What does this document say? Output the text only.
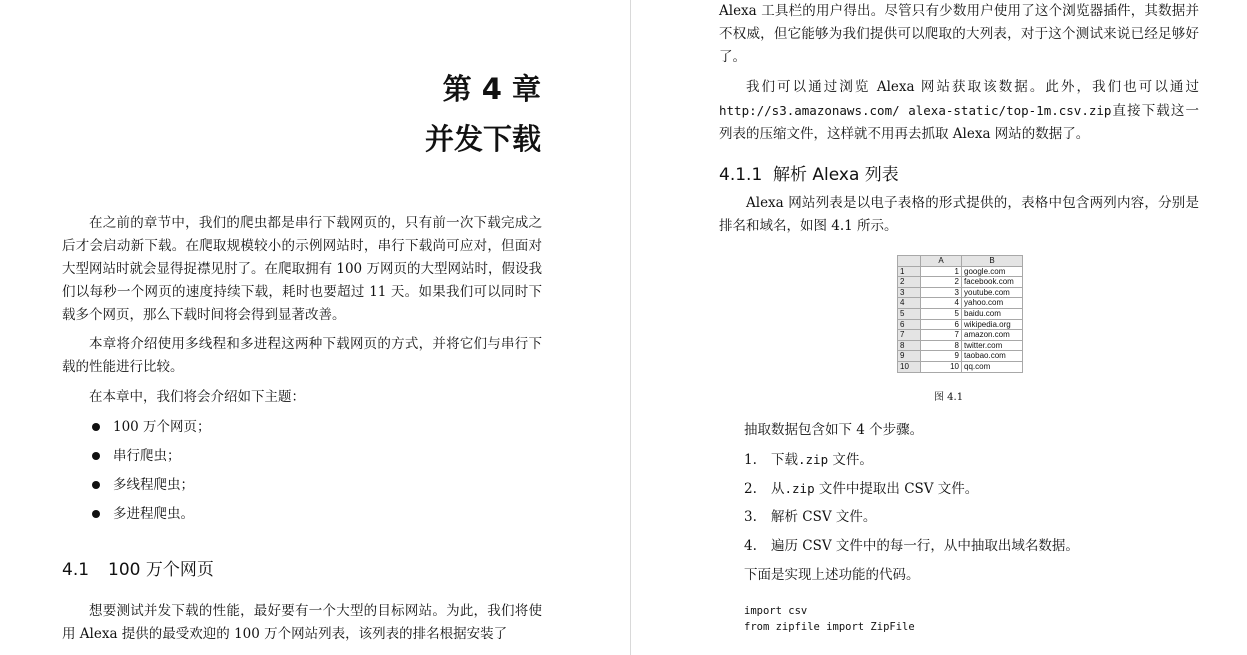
第 4 章
并发下载

在之前的章节中，我们的爬虫都是串行下载网页的，只有前一次下载完成之后才会启动新下载。在爬取规模较小的示例网站时，串行下载尚可应对，但面对大型网站时就会显得捉襟见肘了。在爬取拥有 100 万网页的大型网站时，假设我们以每秒一个网页的速度持续下载，耗时也要超过 11 天。如果我们可以同时下载多个网页，那么下载时间将会得到显著改善。

本章将介绍使用多线程和多进程这两种下载网页的方式，并将它们与串行下载的性能进行比较。

在本章中，我们将会介绍如下主题：

100 万个网页；
串行爬虫；
多线程爬虫；
多进程爬虫。
4.1 100 万个网页

想要测试并发下载的性能，最好要有一个大型的目标网站。为此，我们将使用 Alexa 提供的最受欢迎的 100 万个网站列表，该列表的排名根据安装了

Alexa 工具栏的用户得出。尽管只有少数用户使用了这个浏览器插件，其数据并不权威，但它能够为我们提供可以爬取的大列表，对于这个测试来说已经足够好了。

我们可以通过浏览 Alexa 网站获取该数据。此外，我们也可以通过http://s3.amazonaws.com/ alexa-static/top-1m.csv.zip直接下载这一列表的压缩文件，这样就不用再去抓取 Alexa 网站的数据了。

4.1.1 解析 Alexa 列表

Alexa 网站列表是以电子表格的形式提供的，表格中包含两列内容，分别是排名和域名，如图 4.1 所示。

	A	B
1	1	google.com
2	2	facebook.com
3	3	youtube.com
4	4	yahoo.com
5	5	baidu.com
6	6	wikipedia.org
7	7	amazon.com
8	8	twitter.com
9	9	taobao.com
10	10	qq.com
图 4.1

抽取数据包含如下 4 个步骤。

1. 下载.zip 文件。
2. 从.zip 文件中提取出 CSV 文件。
3. 解析 CSV 文件。
4. 遍历 CSV 文件中的每一行，从中抽取出域名数据。

下面是实现上述功能的代码。

import csv
from zipfile import ZipFile
